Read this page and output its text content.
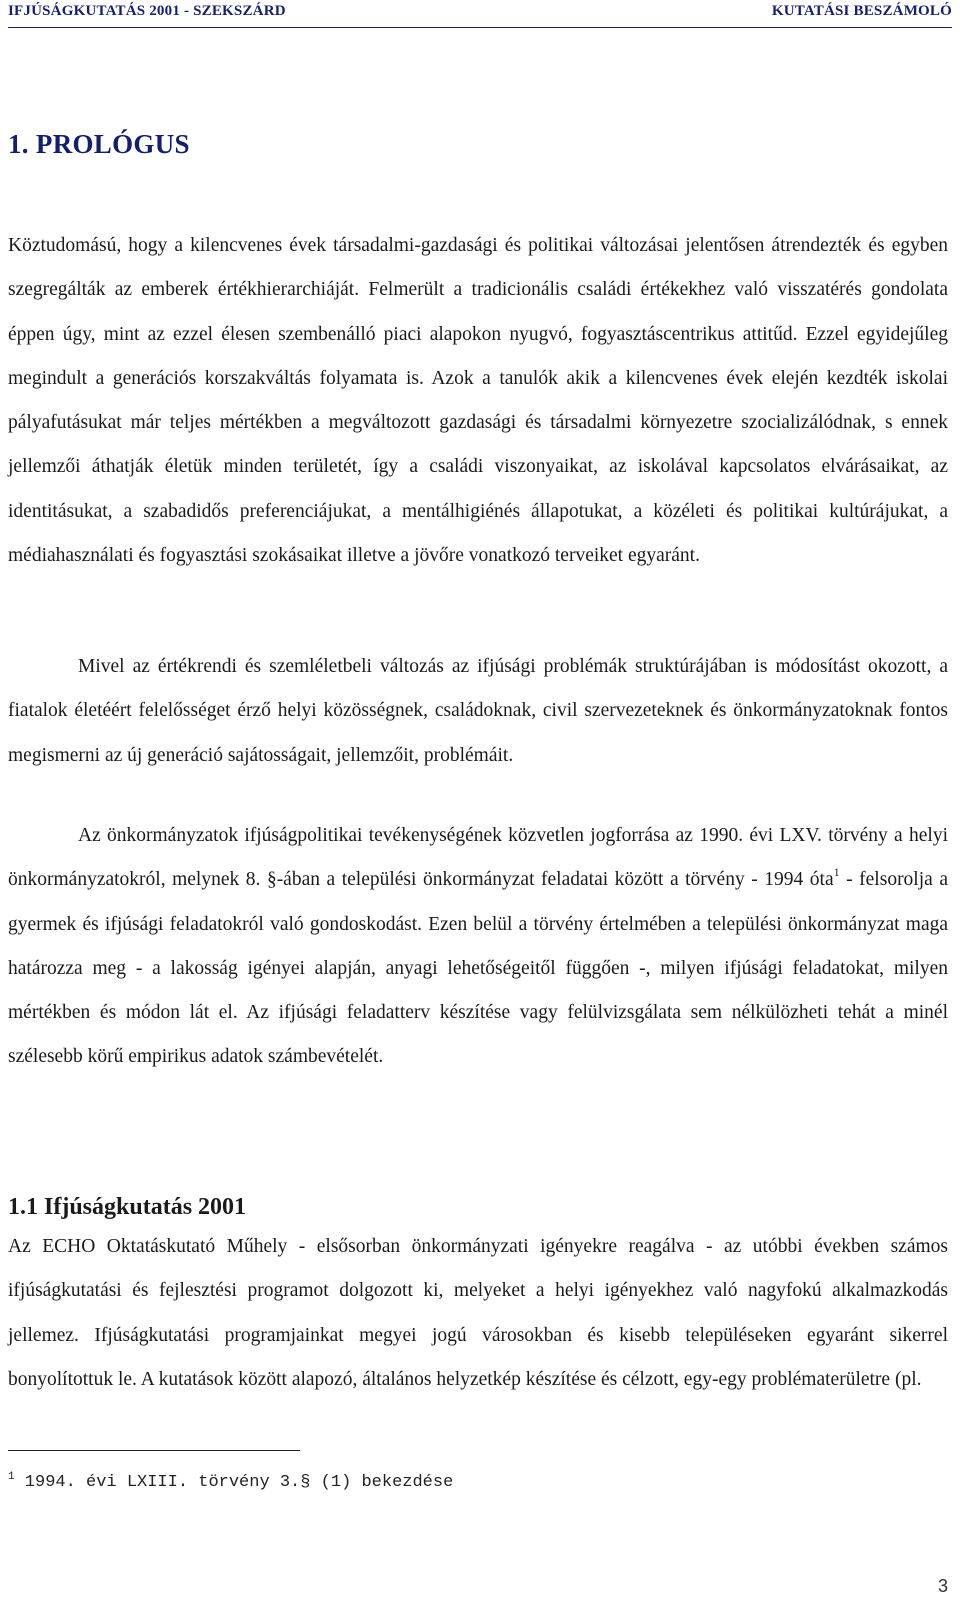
IFJÚSÁGKUTATÁS 2001 - SZEKSZÁRD	KUTATÁSI BESZÁMOLÓ
1. PROLÓGUS

Köztudomású, hogy a kilencvenes évek társadalmi-gazdasági és politikai változásai jelentősen átrendezték és egyben szegregálták az emberek értékhierarchiáját. Felmerült a tradicionális családi értékekhez való visszatérés gondolata éppen úgy, mint az ezzel élesen szembenálló piaci alapokon nyugvó, fogyasztáscentrikus attitűd. Ezzel egyidejűleg megindult a generációs korszakváltás folyamata is. Azok a tanulók akik a kilencvenes évek elején kezdték iskolai pályafutásukat már teljes mértékben a megváltozott gazdasági és társadalmi környezetre szocializálódnak, s ennek jellemzői áthatják életük minden területét, így a családi viszonyaikat, az iskolával kapcsolatos elvárásaikat, az identitásukat, a szabadidős preferenciájukat, a mentálhigiénés állapotukat, a közéleti és politikai kultúrájukat, a médiahasználati és fogyasztási szokásaikat illetve a jövőre vonatkozó terveiket egyaránt.

Mivel az értékrendi és szemléletbeli változás az ifjúsági problémák struktúrájában is módosítást okozott, a fiatalok életéért felelősséget érző helyi közösségnek, családoknak, civil szervezeteknek és önkormányzatoknak fontos megismerni az új generáció sajátosságait, jellemzőit, problémáit.

Az önkormányzatok ifjúságpolitikai tevékenységének közvetlen jogforrása az 1990. évi LXV. törvény a helyi önkormányzatokról, melynek 8. §-ában a települési önkormányzat feladatai között a törvény - 1994 óta$^1$ - felsorolja a gyermek és ifjúsági feladatokról való gondoskodást. Ezen belül a törvény értelmében a települési önkormányzat maga határozza meg - a lakosság igényei alapján, anyagi lehetőségeitől függően -, milyen ifjúsági feladatokat, milyen mértékben és módon lát el. Az ifjúsági feladatterv készítése vagy felülvizsgálata sem nélkülözheti tehát a minél szélesebb körű empirikus adatok számbevételét.

1.1 Ifjúságkutatás 2001

Az ECHO Oktatáskutató Műhely - elsősorban önkormányzati igényekre reagálva - az utóbbi években számos ifjúságkutatási és fejlesztési programot dolgozott ki, melyeket a helyi igényekhez való nagyfokú alkalmazkodás jellemez. Ifjúságkutatási programjainkat megyei jogú városokban és kisebb településeken egyaránt sikerrel bonyolítottuk le. A kutatások között alapozó, általános helyzetkép készítése és célzott, egy-egy problématerületre (pl.

$^1$ 1994. évi LXIII. törvény 3.§ (1) bekezdése
3
